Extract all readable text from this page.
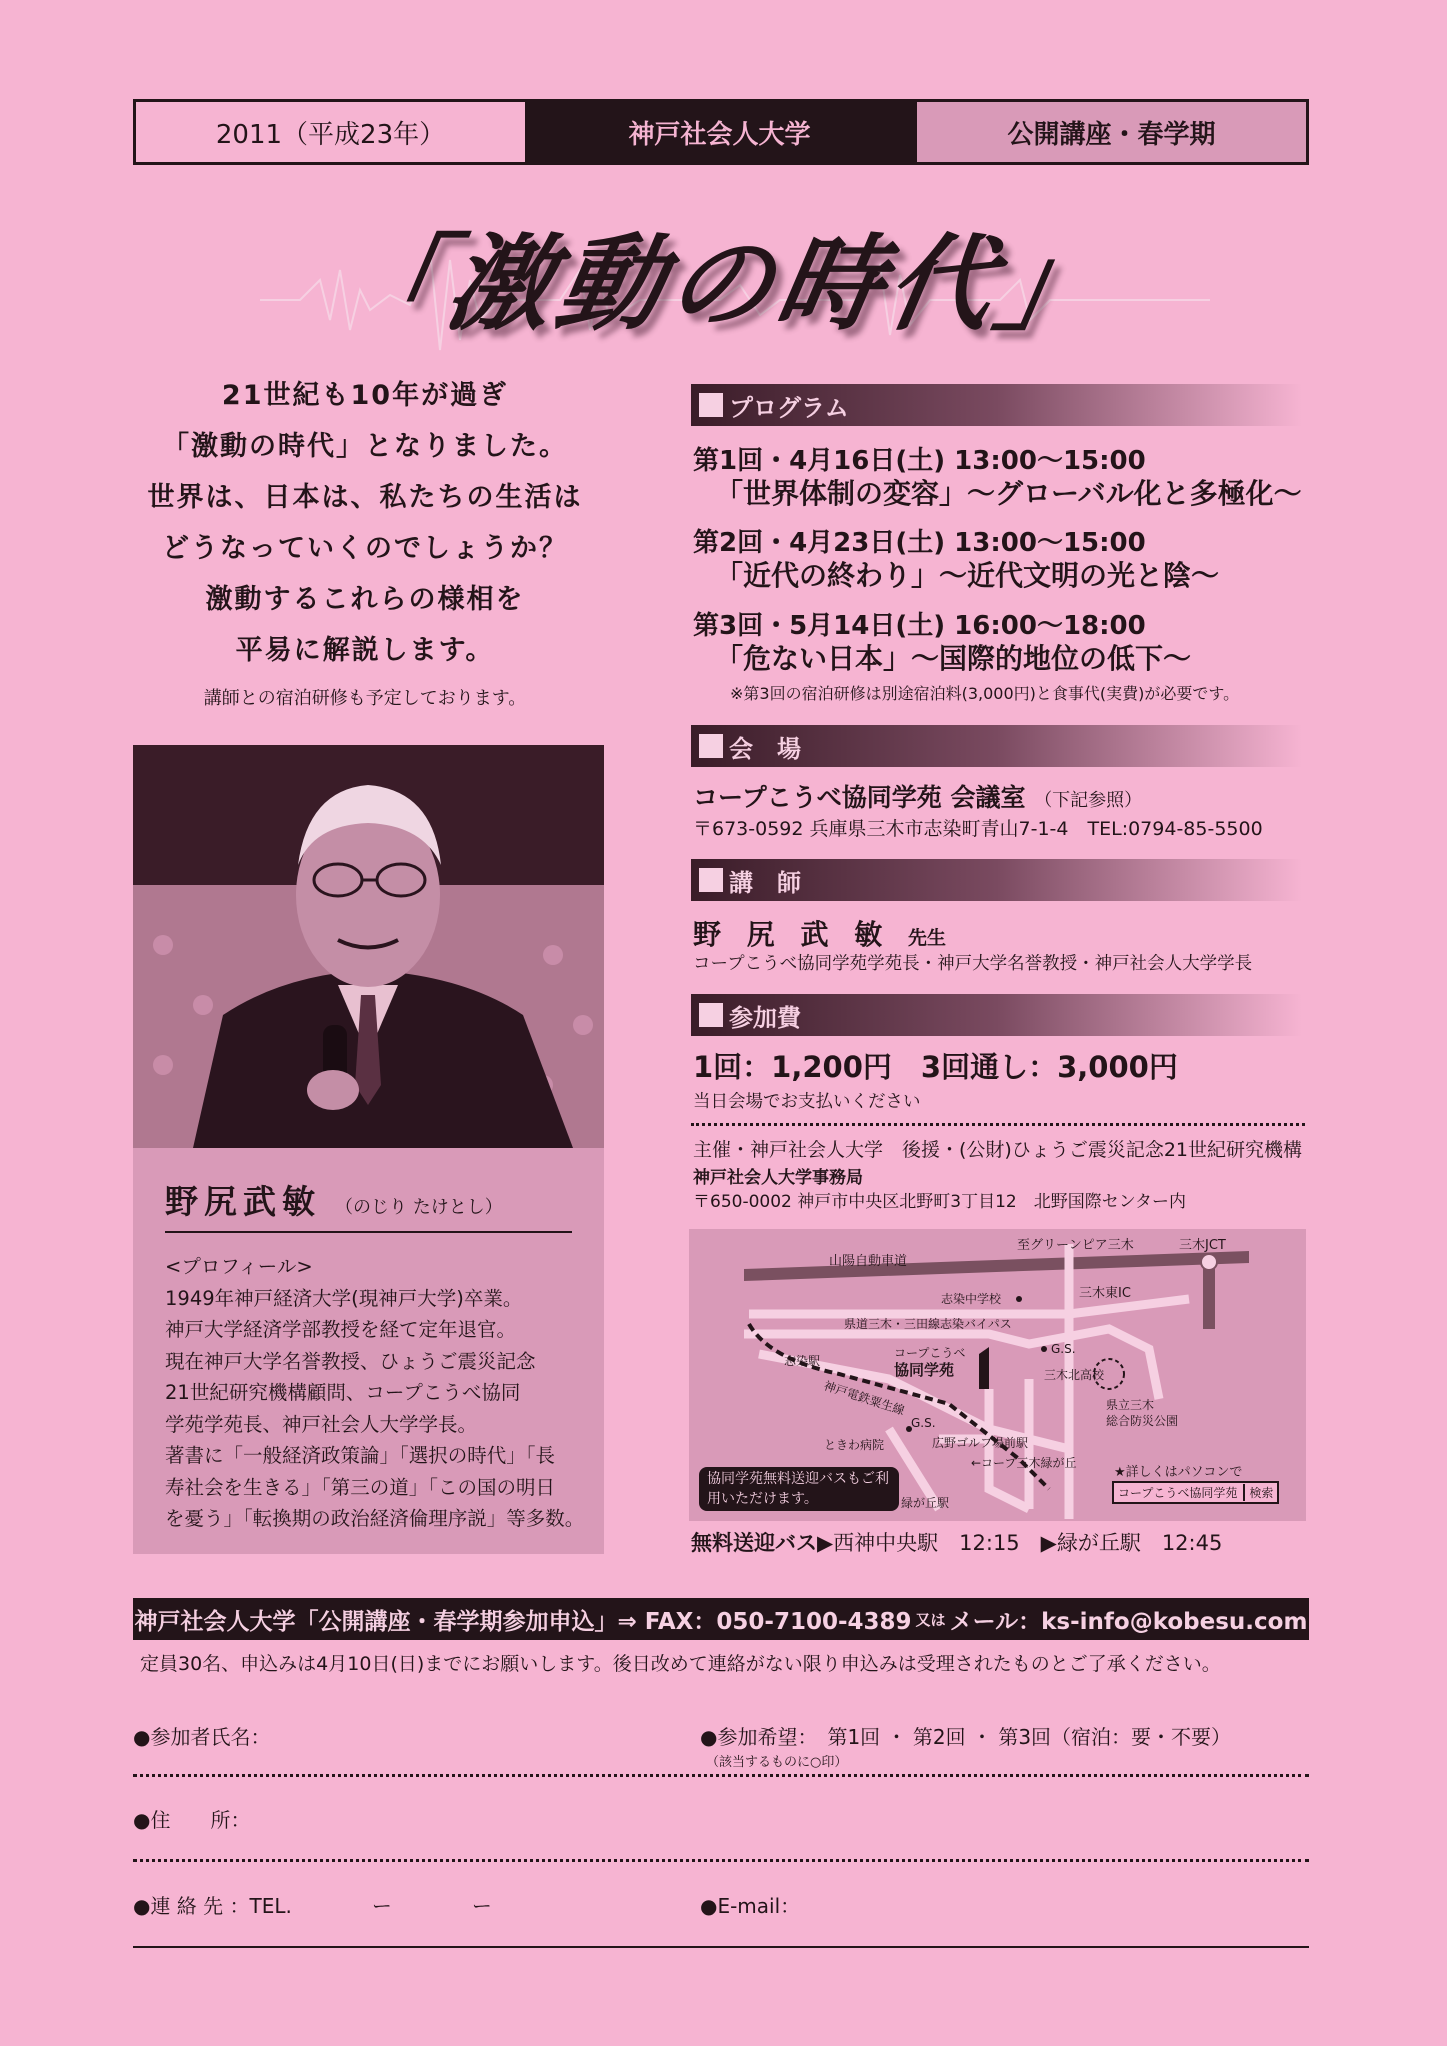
2011（平成23年）	神戸社会人大学	公開講座・春学期
「激動の時代」
21世紀も10年が過ぎ
「激動の時代」となりました。
世界は、日本は、私たちの生活は
どうなっていくのでしょうか？
激動するこれらの様相を
平易に解説します。
講師との宿泊研修も予定しております。
野尻武敏 （のじり たけとし）
<プロフィール>
1949年神戸経済大学(現神戸大学)卒業。
神戸大学経済学部教授を経て定年退官。
現在神戸大学名誉教授、ひょうご震災記念
21世紀研究機構顧問、コープこうべ協同
学苑学苑長、神戸社会人大学学長。
著書に「一般経済政策論」「選択の時代」「長
寿社会を生きる」「第三の道」「この国の明日
を憂う」「転換期の政治経済倫理序説」等多数。
プログラム
第1回・4月16日(土) 13:00〜15:00
「世界体制の変容」〜グローバル化と多極化〜
第2回・4月23日(土) 13:00〜15:00
「近代の終わり」〜近代文明の光と陰〜
第3回・5月14日(土) 16:00〜18:00
「危ない日本」〜国際的地位の低下〜
※第3回の宿泊研修は別途宿泊料(3,000円)と食事代(実費)が必要です。
会　場
コープこうべ協同学苑 会議室 （下記参照）
〒673-0592 兵庫県三木市志染町青山7-1-4　TEL:0794-85-5500
講　師
野 尻 武 敏 先生
コープこうべ協同学苑学苑長・神戸大学名誉教授・神戸社会人大学学長
参加費
1回：1,200円　3回通し：3,000円
当日会場でお支払いください
主催・神戸社会人大学　後援・(公財)ひょうご震災記念21世紀研究機構
神戸社会人大学事務局
〒650-0002 神戸市中央区北野町3丁目12　北野国際センター内
山陽自動車道
至グリーンピア三木	三木JCT
三木東IC
志染中学校
県道三木・三田線志染バイパス
G.S.
コープこうべ
協同学苑
志染駅
神戸電鉄粟生線
三木北高校
県立三木
総合防災公園
G.S.
ときわ病院	広野ゴルフ場前駅
←コープ三木緑が丘
緑が丘駅
協同学苑無料送迎バスもご利用いただけます。
★詳しくはパソコンで
コープこうべ協同学苑	検索
無料送迎バス▶西神中央駅　12:15　▶緑が丘駅　12:45
神戸社会人大学「公開講座・春学期参加申込」⇒ FAX：050-7100-4389 又は メール：ks-info@kobesu.com
定員30名、申込みは4月10日(日)までにお願いします。後日改めて連絡がない限り申込みは受理されたものとご了承ください。
●参加者氏名：	●参加希望：　第1回 ・ 第2回 ・ 第3回（宿泊：要・不要）
（該当するものに○印）
●住　　所：
●連 絡 先 ：TEL.　　　　ー　　　　ー	●E-mail：
